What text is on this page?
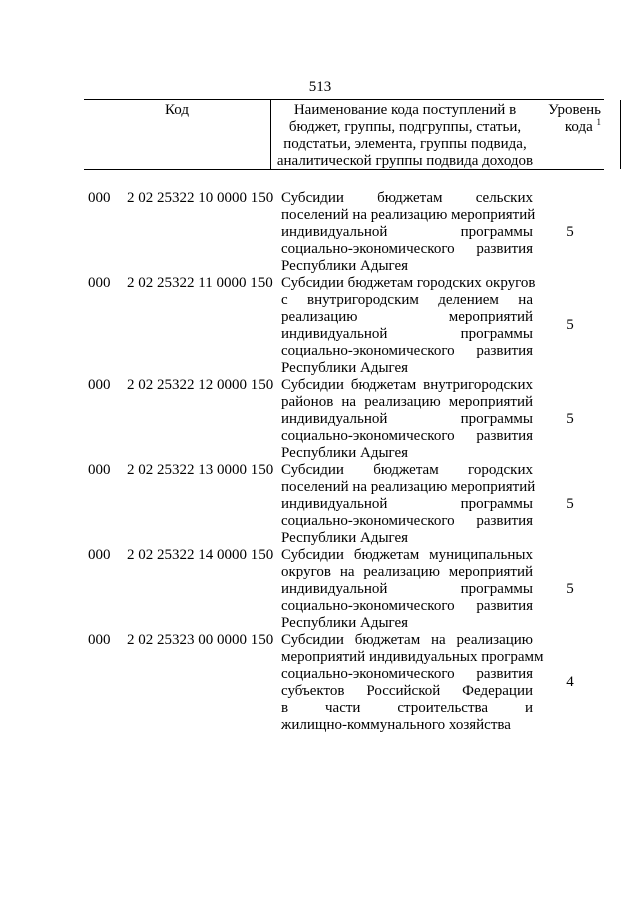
513
Код	Наименование кода поступлений в
бюджет, группы, подгруппы, статьи,
подстатьи, элемента, группы подвида,
аналитической группы подвида доходов
Уровень
кода $^1$
000 2 02 25322 10 0000 150 Субсидии бюджетам сельских
поселений на реализацию мероприятий
индивидуальной программы
социально-экономического развития
Республики Адыгея
5
000 2 02 25322 11 0000 150 Субсидии бюджетам городских округов
с внутригородским делением на
реализацию мероприятий
индивидуальной программы
социально-экономического развития
Республики Адыгея
5
000 2 02 25322 12 0000 150 Субсидии бюджетам внутригородских
районов на реализацию мероприятий
индивидуальной программы
социально-экономического развития
Республики Адыгея
5
000 2 02 25322 13 0000 150 Субсидии бюджетам городских
поселений на реализацию мероприятий
индивидуальной программы
социально-экономического развития
Республики Адыгея
5
000 2 02 25322 14 0000 150 Субсидии бюджетам муниципальных
округов на реализацию мероприятий
индивидуальной программы
социально-экономического развития
Республики Адыгея
5
000 2 02 25323 00 0000 150 Субсидии бюджетам на реализацию
мероприятий индивидуальных программ
социально-экономического развития
субъектов Российской Федерации
в части строительства и
жилищно-коммунального хозяйства
4
